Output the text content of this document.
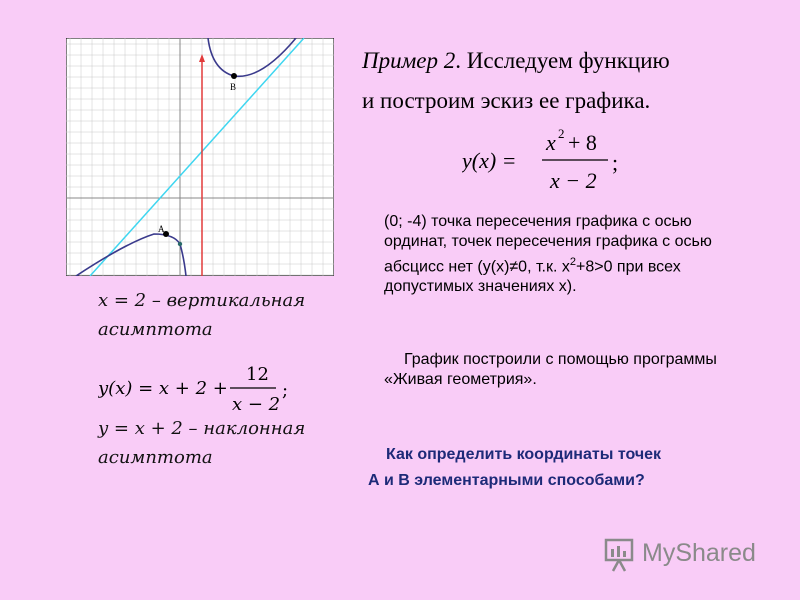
A
B
Пример 2. Исследуем функцию
и построим эскиз ее графика.
y(x) =
x 2 + 8
x − 2
;
(0; -4) точка пересечения графика с осью ординат, точек пересечения графика с осью абсцисс нет (y(x)≠0, т.к. $x^2+8>0$ при всех допустимых значениях x).
График построили с помощью программы «Живая геометрия».
Как определить координаты точек
А и В элементарными способами?
x = 2 – вертикальная
асимптота
y(x) = x + 2 +
12
x − 2
;
y = x + 2 – наклонная
асимптота
MyShared
